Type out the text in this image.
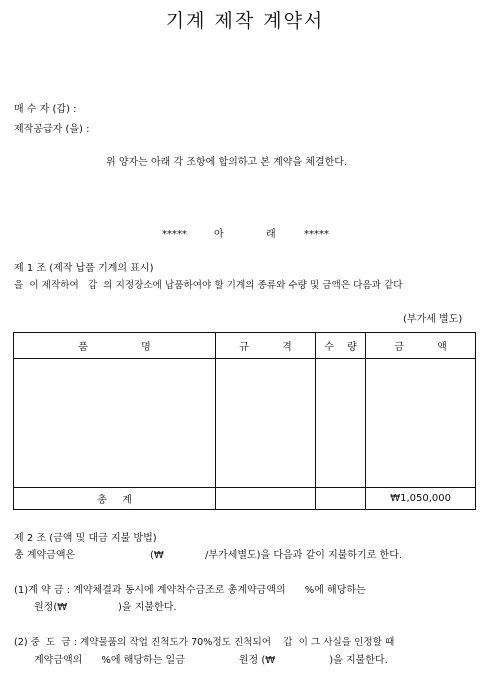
기계 제작 계약서
매 수 자 (갑) :
제작공급자 (을) :
위 양자는 아래 각 조항에 합의하고 본 계약을 체결한다.
*****	아	래	*****
제 1 조 (제작 납품 기계의 표시)
을  이 제작하여   갑  의 지정장소에 납품하여야 할 기계의 종류와 수량 및 금액은 다음과 같다
(부가세 별도)
품 명	규 격	수 량	금 액

총 계			₩1,050,000
제 2 조 (금액 및 대금 지불 방법)
총 계약금액은	(₩	/부가세별도)을 다음과 같이 지불하기로 한다.
(1)계 약 금 : 계약체결과 동시에 계약착수금조로 총계약금액의      %에 해당하는
원정(₩                )을 지불한다.
(2) 중  도  금 : 계약물품의 작업 진척도가 70%정도 진척되어    갑  이 그 사실을 인정할 때
계약금액의      %에 해당하는 일금                 원정 (₩                 )을 지불한다.
